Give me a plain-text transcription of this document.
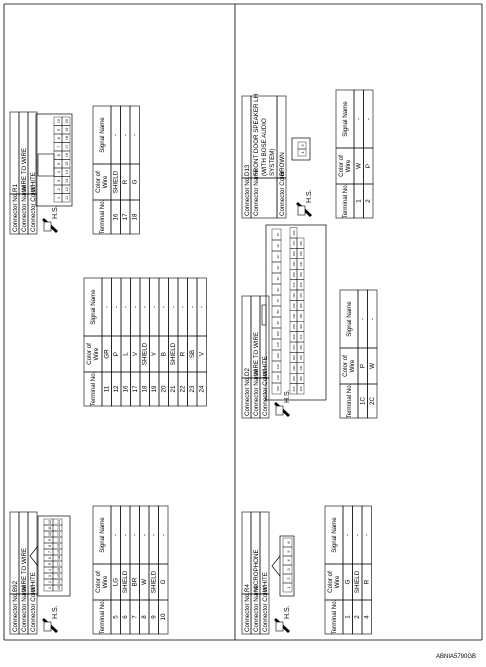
Connector No.
B92 Connector Name
WIRE TO WIRE
Connector Color
WHITE
H.S.
1
2
3
4
5
6
7
8
9
10
11
12
13
14
15
16
17
18
19
20
21
22
23
24
Terminal No.
Color of Wire
Signal Name
5
LG
-
6
SHIELD
-
7
BR
-
8
W
-
9
SHIELD
-
10
G
-
Terminal No.
Color of Wire
Signal Name
11
GR
-
12
P
-
16
L
-
17
V
-
18
SHIELD
-
19
Y
-
20
B
-
21
SHIELD
-
22
R
-
23
SB
-
24
V
-
Connector No.
R1 Connector Name
WIRE TO WIRE
Connector Color
WHITE
H.S.
1
2
3
4
5
6
7
8
9
10
11
12
13
14
15
16
17
18
19
20
Terminal No.
Color of Wire
Signal Name
16
SHIELD
-
17
R
-
18
G
-
Connector No.
R4 Connector Name
MICROPHONE
Connector Color
WHITE
H.S.
1
2
3
4
5
6
Terminal No.
Color of Wire
Signal Name
1
G
-
2
SHIELD
-
4
R
-
Connector No.
D2 Connector Name
WIRE TO WIRE
Connector Color
WHITE
H.S.
15C
14C
13C
12C
11C
10C
9C
8C
7C
6C
5C
4C
3C
2C
1C
31C
30C
29C
28C
27C
26C
25C
24C
23C
22C
21C
20C
19C
18C
17C
16C
46C
45C
44C
43C
42C
41C
40C
39C
38C
37C
36C
35C
34C
33C
32C
Terminal No.
Color of Wire
Signal Name
1C
P
-
2C
W
-
Connector No.
D13 Connector Name
FRONT DOOR SPEAKER LH (WITH BOSE AUDIO SYSTEM)
Connector Color
BROWN
H.S.
1
2
Terminal No.
Color of Wire
Signal Name
1
W
-
2
P
-
ABNIA5790GB
